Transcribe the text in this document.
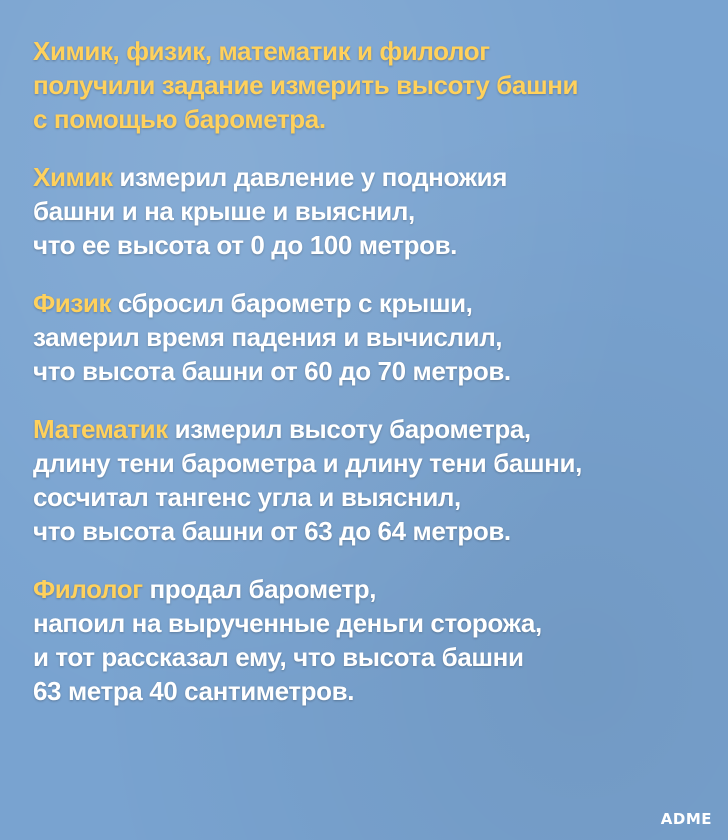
Химик, физик, математик и филолог
получили задание измерить высоту башни
с помощью барометра.
Химик измерил давление у подножия
башни и на крыше и выяснил,
что ее высота от 0 до 100 метров.
Физик сбросил барометр с крыши,
замерил время падения и вычислил,
что высота башни от 60 до 70 метров.
Математик измерил высоту барометра,
длину тени барометра и длину тени башни,
сосчитал тангенс угла и выяснил,
что высота башни от 63 до 64 метров.
Филолог продал барометр,
напоил на вырученные деньги сторожа,
и тот рассказал ему, что высота башни
63 метра 40 сантиметров.
ADME
